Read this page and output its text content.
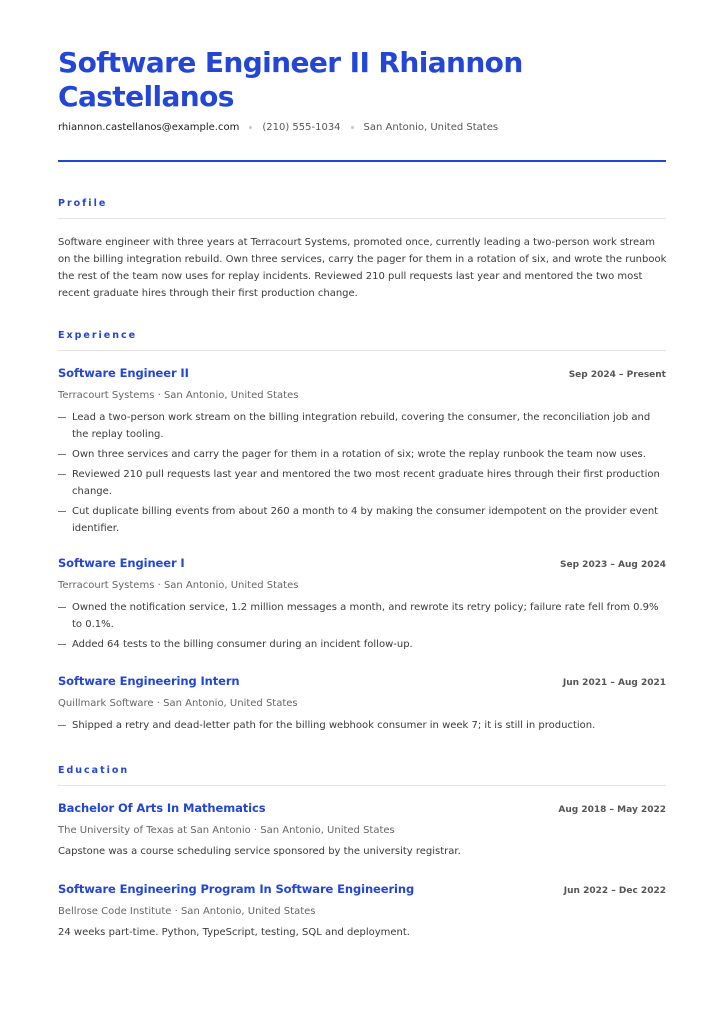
Software Engineer II Rhiannon Castellanos
rhiannon.castellanos@example.com (210) 555-1034 San Antonio, United States
Profile

Software engineer with three years at Terracourt Systems, promoted once, currently leading a two-person work stream on the billing integration rebuild. Own three services, carry the pager for them in a rotation of six, and wrote the runbook the rest of the team now uses for replay incidents. Reviewed 210 pull requests last year and mentored the two most recent graduate hires through their first production change.

Experience
Software Engineer II	Sep 2024 – Present
Terracourt Systems · San Antonio, United States
Lead a two-person work stream on the billing integration rebuild, covering the consumer, the reconciliation job and the replay tooling.
Own three services and carry the pager for them in a rotation of six; wrote the replay runbook the team now uses.
Reviewed 210 pull requests last year and mentored the two most recent graduate hires through their first production change.
Cut duplicate billing events from about 260 a month to 4 by making the consumer idempotent on the provider event identifier.
Software Engineer I	Sep 2023 – Aug 2024
Terracourt Systems · San Antonio, United States
Owned the notification service, 1.2 million messages a month, and rewrote its retry policy; failure rate fell from 0.9% to 0.1%.
Added 64 tests to the billing consumer during an incident follow-up.
Software Engineering Intern	Jun 2021 – Aug 2021
Quillmark Software · San Antonio, United States
Shipped a retry and dead-letter path for the billing webhook consumer in week 7; it is still in production.
Education
Bachelor Of Arts In Mathematics	Aug 2018 – May 2022
The University of Texas at San Antonio · San Antonio, United States
Capstone was a course scheduling service sponsored by the university registrar.
Software Engineering Program In Software Engineering	Jun 2022 – Dec 2022
Bellrose Code Institute · San Antonio, United States
24 weeks part-time. Python, TypeScript, testing, SQL and deployment.
